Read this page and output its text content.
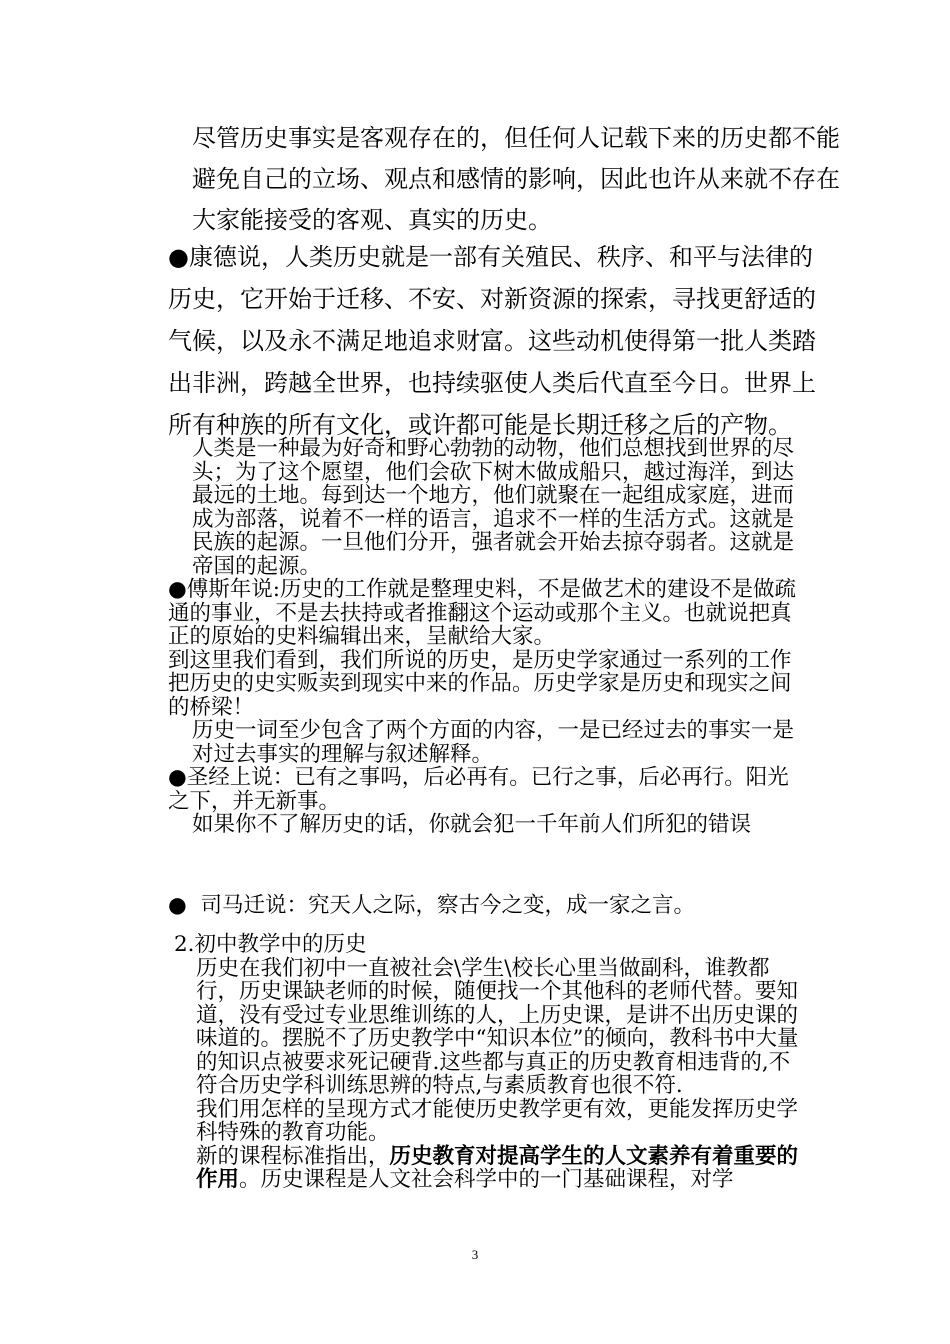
尽管历史事实是客观存在的，但任何人记载下来的历史都不能避免自己的立场、观点和感情的影响，因此也许从来就不存在大家能接受的客观、真实的历史。

●康德说，人类历史就是一部有关殖民、秩序、和平与法律的历史，它开始于迁移、不安、对新资源的探索，寻找更舒适的气候，以及永不满足地追求财富。这些动机使得第一批人类踏出非洲，跨越全世界，也持续驱使人类后代直至今日。世界上所有种族的所有文化，或许都可能是长期迁移之后的产物。

人类是一种最为好奇和野心勃勃的动物，他们总想找到世界的尽头；为了这个愿望，他们会砍下树木做成船只，越过海洋，到达最远的土地。每到达一个地方，他们就聚在一起组成家庭，进而成为部落，说着不一样的语言，追求不一样的生活方式。这就是民族的起源。一旦他们分开，强者就会开始去掠夺弱者。这就是帝国的起源。

●傅斯年说:历史的工作就是整理史料，不是做艺术的建设不是做疏通的事业，不是去扶持或者推翻这个运动或那个主义。也就说把真正的原始的史料编辑出来，呈献给大家。

到这里我们看到，我们所说的历史，是历史学家通过一系列的工作把历史的史实贩卖到现实中来的作品。历史学家是历史和现实之间的桥梁！

历史一词至少包含了两个方面的内容，一是已经过去的事实一是对过去事实的理解与叙述解释。

●圣经上说：已有之事吗，后必再有。已行之事，后必再行。阳光之下，并无新事。

如果你不了解历史的话，你就会犯一千年前人们所犯的错误

● 司马迁说：究天人之际，察古今之变，成一家之言。

2.初中教学中的历史

历史在我们初中一直被社会\学生\校长心里当做副科，谁教都行，历史课缺老师的时候，随便找一个其他科的老师代替。要知道，没有受过专业思维训练的人，上历史课，是讲不出历史课的味道的。摆脱不了历史教学中“知识本位”的倾向，教科书中大量的知识点被要求死记硬背.这些都与真正的历史教育相违背的,不符合历史学科训练思辨的特点,与素质教育也很不符.

我们用怎样的呈现方式才能使历史教学更有效，更能发挥历史学科特殊的教育功能。

新的课程标准指出，历史教育对提高学生的人文素养有着重要的作用。历史课程是人文社会科学中的一门基础课程，对学

3
